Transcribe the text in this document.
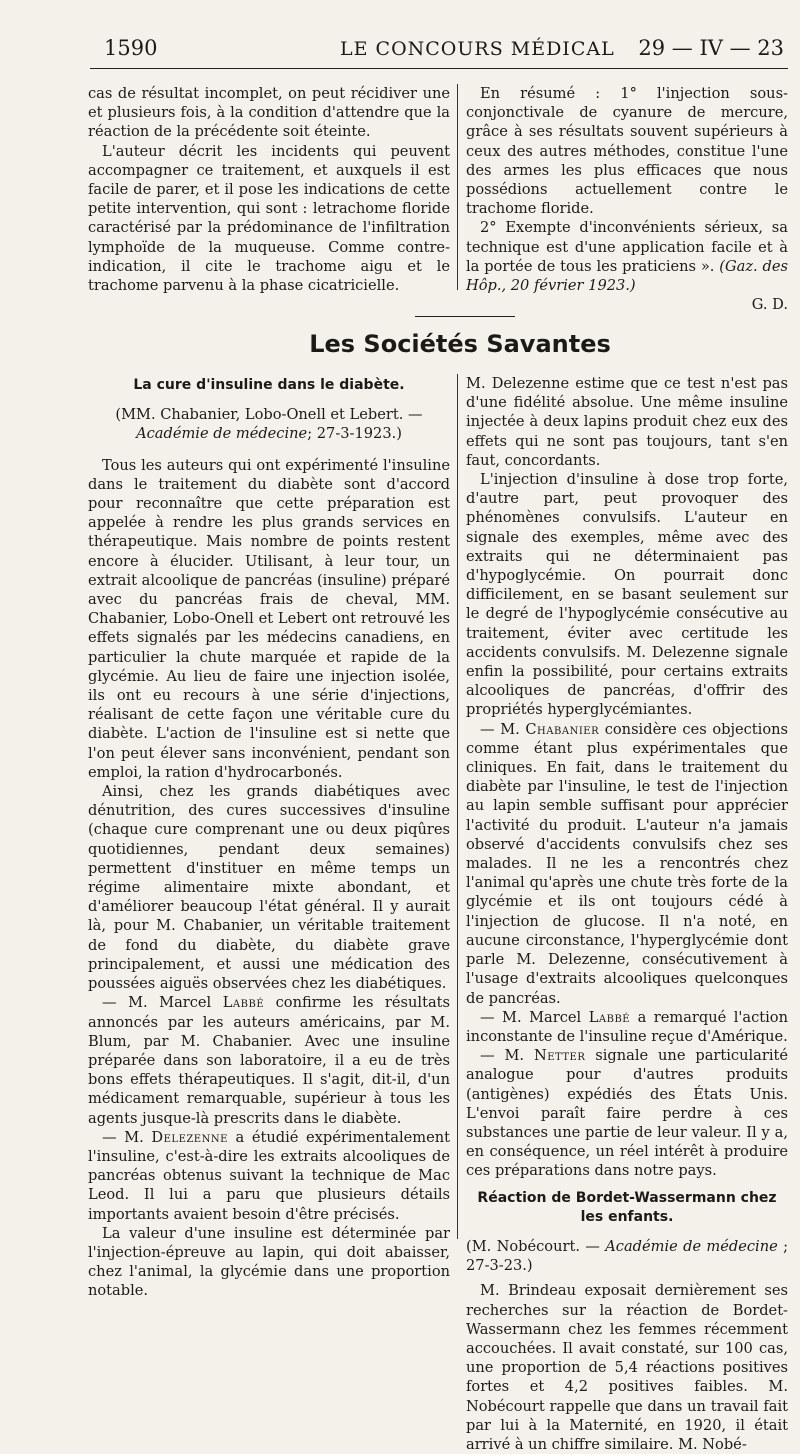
1590	LE CONCOURS MÉDICAL 29 — IV — 23

cas de résultat incomplet, on peut récidiver une et plusieurs fois, à la condition d'attendre que la réaction de la précédente soit éteinte.

L'auteur décrit les incidents qui peuvent accompagner ce traitement, et auxquels il est facile de parer, et il pose les indications de cette petite intervention, qui sont : letrachome floride caractérisé par la prédominance de l'infiltration lymphoïde de la muqueuse. Comme contre-indication, il cite le trachome aigu et le trachome parvenu à la phase cicatricielle.

En résumé : 1° l'injection sous-conjonctivale de cyanure de mercure, grâce à ses résultats souvent supérieurs à ceux des autres méthodes, constitue l'une des armes les plus efficaces que nous possédions actuellement contre le trachome floride.

2° Exempte d'inconvénients sérieux, sa technique est d'une application facile et à la portée de tous les praticiens ». (Gaz. des Hôp., 20 février 1923.)

G. D.

Les Sociétés Savantes
La cure d'insuline dans le diabète.
(MM. Chabanier, Lobo-Onell et Lebert. —
Académie de médecine; 27-3-1923.)

Tous les auteurs qui ont expérimenté l'insuline dans le traitement du diabète sont d'accord pour reconnaître que cette préparation est appelée à rendre les plus grands services en thérapeutique. Mais nombre de points restent encore à élucider. Utilisant, à leur tour, un extrait alcoolique de pancréas (insuline) préparé avec du pancréas frais de cheval, MM. Chabanier, Lobo-Onell et Lebert ont retrouvé les effets signalés par les médecins canadiens, en particulier la chute marquée et rapide de la glycémie. Au lieu de faire une injection isolée, ils ont eu recours à une série d'injections, réalisant de cette façon une véritable cure du diabète. L'action de l'insuline est si nette que l'on peut élever sans inconvénient, pendant son emploi, la ration d'hydrocarbonés.

Ainsi, chez les grands diabétiques avec dénutrition, des cures successives d'insuline (chaque cure comprenant une ou deux piqûres quotidiennes, pendant deux semaines) permettent d'instituer en même temps un régime alimentaire mixte abondant, et d'améliorer beaucoup l'état général. Il y aurait là, pour M. Chabanier, un véritable traitement de fond du diabète, du diabète grave principalement, et aussi une médication des poussées aiguës observées chez les diabétiques.

— M. Marcel Labbé confirme les résultats annoncés par les auteurs américains, par M. Blum, par M. Chabanier. Avec une insuline préparée dans son laboratoire, il a eu de très bons effets thérapeutiques. Il s'agit, dit-il, d'un médicament remarquable, supérieur à tous les agents jusque-là prescrits dans le diabète.

— M. Delezenne a étudié expérimentalement l'insuline, c'est-à-dire les extraits alcooliques de pancréas obtenus suivant la technique de Mac Leod. Il lui a paru que plusieurs détails importants avaient besoin d'être précisés.

La valeur d'une insuline est déterminée par l'injection-épreuve au lapin, qui doit abaisser, chez l'animal, la glycémie dans une proportion notable.

M. Delezenne estime que ce test n'est pas d'une fidélité absolue. Une même insuline injectée à deux lapins produit chez eux des effets qui ne sont pas toujours, tant s'en faut, concordants.

L'injection d'insuline à dose trop forte, d'autre part, peut provoquer des phénomènes convulsifs. L'auteur en signale des exemples, même avec des extraits qui ne déterminaient pas d'hypoglycémie. On pourrait donc difficilement, en se basant seulement sur le degré de l'hypoglycémie consécutive au traitement, éviter avec certitude les accidents convulsifs. M. Delezenne signale enfin la possibilité, pour certains extraits alcooliques de pancréas, d'offrir des propriétés hyperglycémiantes.

— M. Chabanier considère ces objections comme étant plus expérimentales que cliniques. En fait, dans le traitement du diabète par l'insuline, le test de l'injection au lapin semble suffisant pour apprécier l'activité du produit. L'auteur n'a jamais observé d'accidents convulsifs chez ses malades. Il ne les a rencontrés chez l'animal qu'après une chute très forte de la glycémie et ils ont toujours cédé à l'injection de glucose. Il n'a noté, en aucune circonstance, l'hyperglycémie dont parle M. Delezenne, consécutivement à l'usage d'extraits alcooliques quelconques de pancréas.

— M. Marcel Labbé a remarqué l'action inconstante de l'insuline reçue d'Amérique.

— M. Netter signale une particularité analogue pour d'autres produits (antigènes) expédiés des États Unis. L'envoi paraît faire perdre à ces substances une partie de leur valeur. Il y a, en conséquence, un réel intérêt à produire ces préparations dans notre pays.

Réaction de Bordet-Wassermann chez les enfants.

(M. Nobécourt. — Académie de médecine ; 27-3-23.)

M. Brindeau exposait dernièrement ses recherches sur la réaction de Bordet-Wassermann chez les femmes récemment accouchées. Il avait constaté, sur 100 cas, une proportion de 5,4 réactions positives fortes et 4,2 positives faibles. M. Nobécourt rappelle que dans un travail fait par lui à la Maternité, en 1920, il était arrivé à un chiffre similaire. M. Nobé-
